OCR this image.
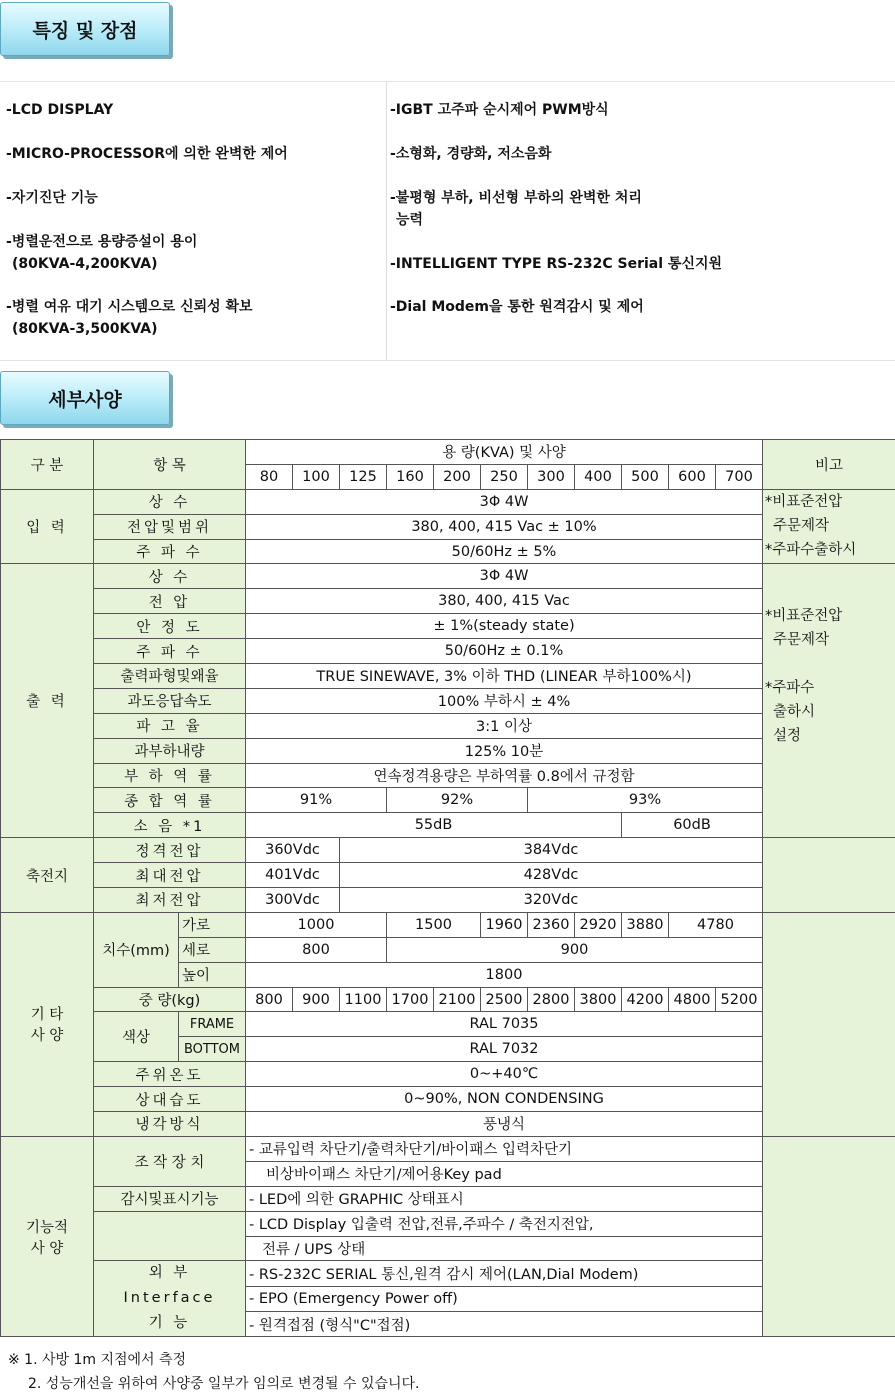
특징 및 장점
-LCD DISPLAY
-MICRO-PROCESSOR에 의한 완벽한 제어
-자기진단 기능
-병렬운전으로 용량증설이 용이
(80KVA-4,200KVA)
-병렬 여유 대기 시스템으로 신뢰성 확보
(80KVA-3,500KVA)
-IGBT 고주파 순시제어 PWM방식
-소형화, 경량화, 저소음화
-불평형 부하, 비선형 부하의 완벽한 처리
능력
-INTELLIGENT TYPE RS-232C Serial 통신지원
-Dial Modem을 통한 원격감시 및 제어
세부사양
구 분	항 목		용 량(KVA) 및 사양											비고
			80	100	125	160	200	250	300	400	500	600	700	
입 력	상 수		3Φ 4W											*비표준전압
주문제작
*주파수출하시
	전압및범위		380, 400, 415 Vac ± 10%											
	주 파 수		50/60Hz ± 5%											
출 력	상 수		3Φ 4W											*비표준전압
주문제작
*주파수
출하시
설정

	전 압		380, 400, 415 Vac											
	안 정 도		± 1%(steady state)											
	주 파 수		50/60Hz ± 0.1%											
	출력파형및왜율		TRUE SINEWAVE, 3% 이하 THD (LINEAR 부하100%시)											
	과도응답속도		100% 부하시 ± 4%											
	파 고 율		3:1 이상											
	과부하내량		125% 10분											
	부 하 역 률		연속정격용량은 부하역률 0.8에서 규정함											
	종 합 역 률		91%			92%			93%					
	소 음 *1		55dB								60dB			
축전지	정격전압		360Vdc		384Vdc									
	최대전압		401Vdc		428Vdc									
	최저전압		300Vdc		320Vdc									
기 타
사 양	치수(mm)	가로	1000			1500		1960	2360	2920	3880	4780		
		세로	800			900								
		높이	1800											
	중 량(kg)		800	900	1100	1700	2100	2500	2800	3800	4200	4800	5200	
	색상	FRAME	RAL 7035											
		BOTTOM	RAL 7032											
	주위온도		0~+40℃											
	상대습도		0~90%, NON CONDENSING											
	냉각방식		풍냉식											
기능적
사 양	조 작 장 치		- 교류입력 차단기/출력차단기/바이패스 입력차단기											
			비상바이패스 차단기/제어용Key pad											
	감시및표시기능		- LED에 의한 GRAPHIC 상태표시											
			- LCD Display 입출력 전압,전류,주파수 / 축전지전압,											
			전류 / UPS 상태											
	외 부
Interface
기 능		- RS-232C SERIAL 통신,원격 감시 제어(LAN,Dial Modem)											
			- EPO (Emergency Power off)											
			- 원격접점 (형식"C"접점)											
※ 1. 사방 1m 지점에서 측정
2. 성능개선을 위하여 사양중 일부가 임의로 변경될 수 있습니다.
